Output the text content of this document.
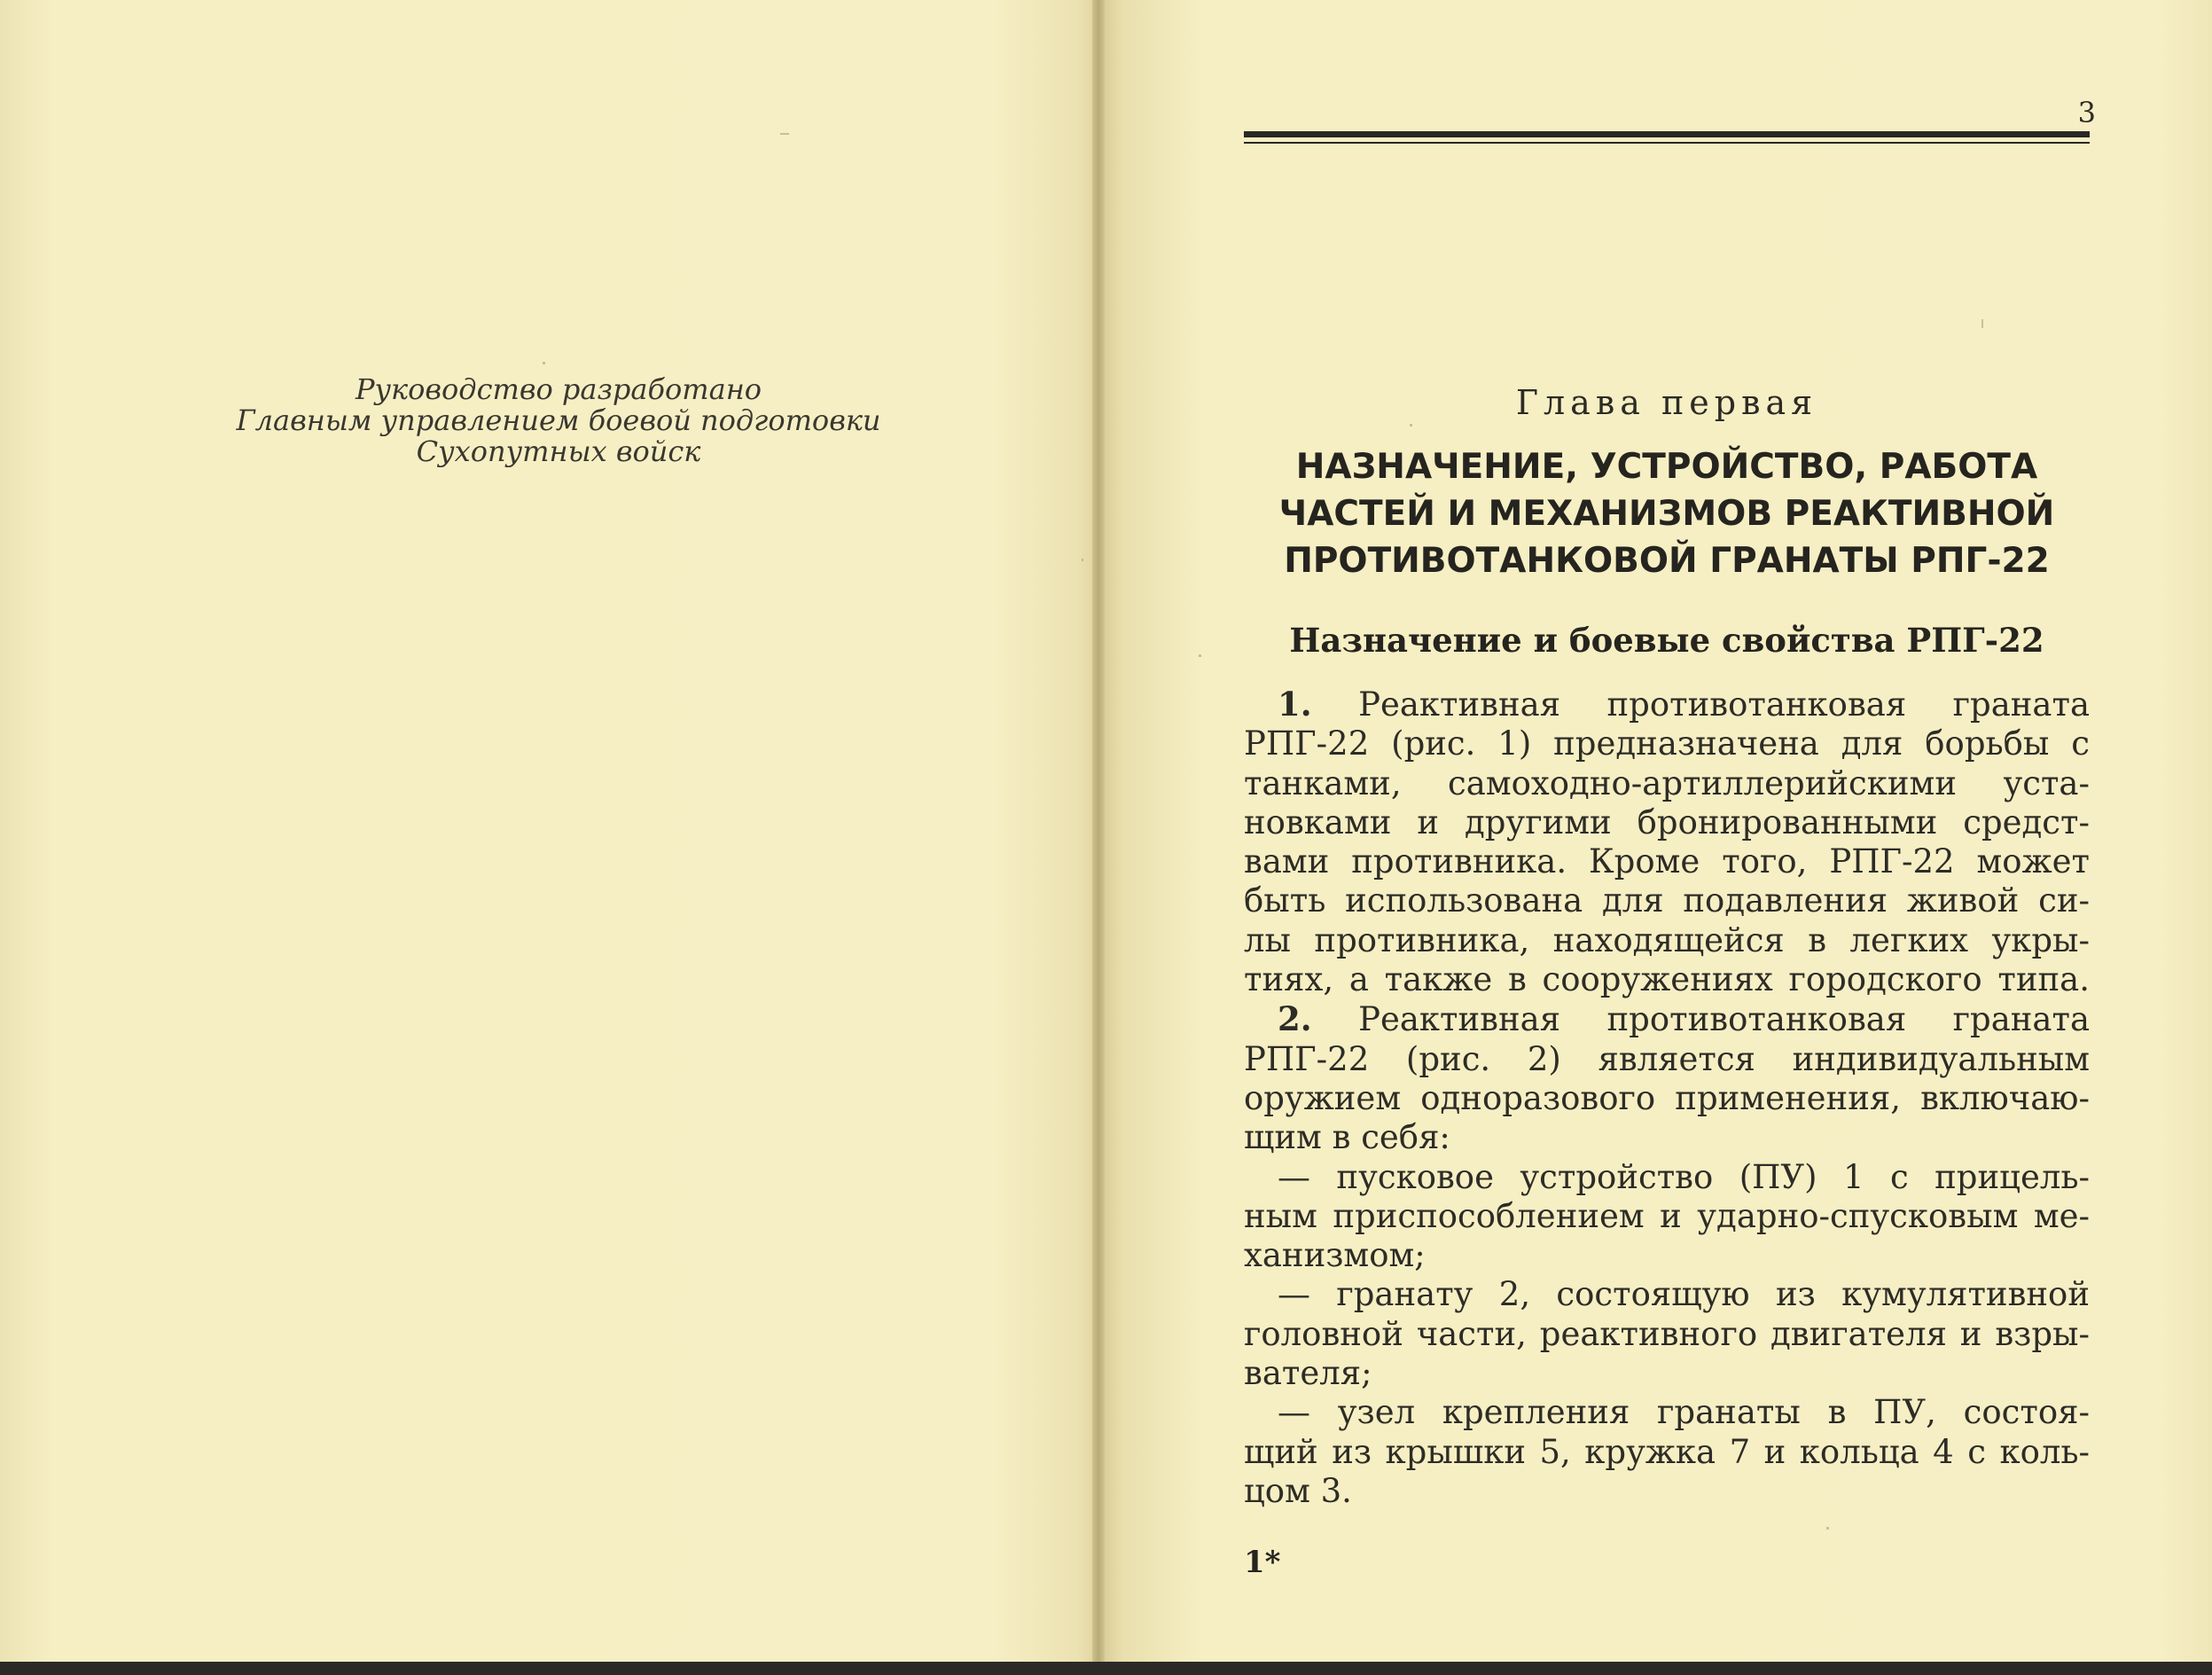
Руководство разработано
Главным управлением боевой подготовки
Сухопутных войск
3
Глава первая
НАЗНАЧЕНИЕ, УСТРОЙСТВО, РАБОТА
ЧАСТЕЙ И МЕХАНИЗМОВ РЕАКТИВНОЙ
ПРОТИВОТАНКОВОЙ ГРАНАТЫ РПГ-22
Назначение и боевые свойства РПГ-22
1. Реактивная противотанковая граната
РПГ-22 (рис. 1) предназначена для борьбы с
танками, самоходно-артиллерийскими уста-
новками и другими бронированными средст-
вами противника. Кроме того, РПГ-22 может
быть использована для подавления живой си-
лы противника, находящейся в легких укры-
тиях, а также в сооружениях городского типа.
2. Реактивная противотанковая граната
РПГ-22 (рис. 2) является индивидуальным
оружием одноразового применения, включаю-
щим в себя:
— пусковое устройство (ПУ) 1 с прицель-
ным приспособлением и ударно-спусковым ме-
ханизмом;
— гранату 2, состоящую из кумулятивной
головной части, реактивного двигателя и взры-
вателя;
— узел крепления гранаты в ПУ, состоя-
щий из крышки 5, кружка 7 и кольца 4 с коль-
цом 3.
1*
